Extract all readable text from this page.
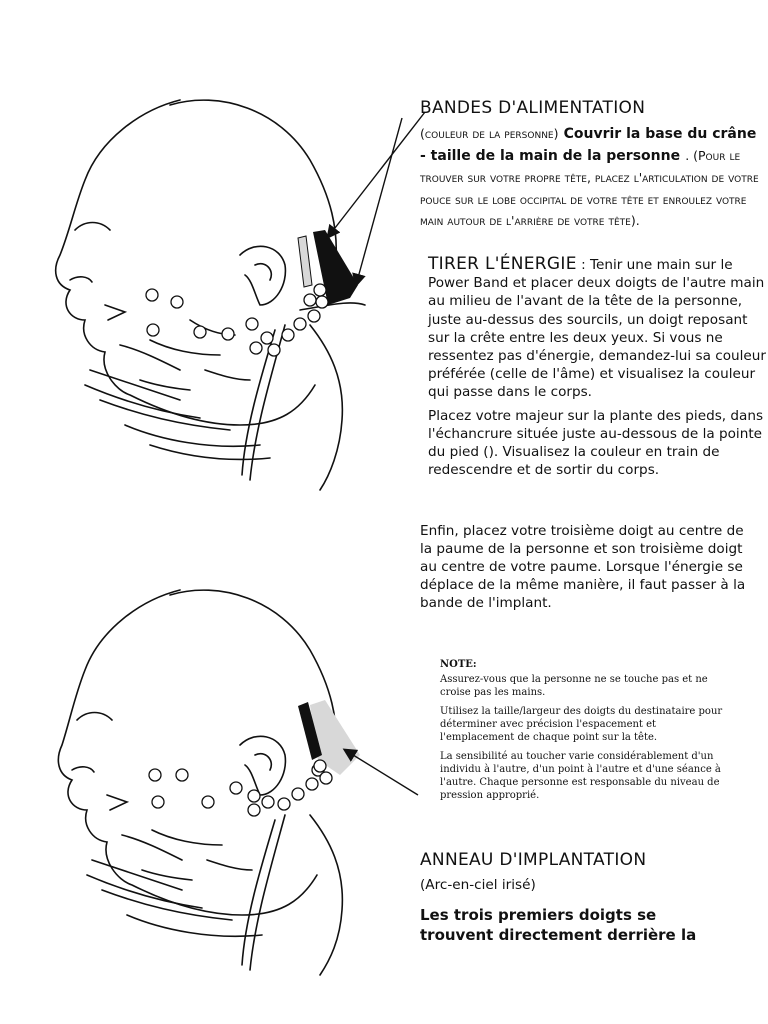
BANDES D'ALIMENTATION
(couleur de la personne) Couvrir la base du crâne - taille de la main de la personne . (Pour le trouver sur votre propre tête, placez l'articulation de votre pouce sur le lobe occipital de votre tête et enroulez votre main autour de l'arrière de votre tête).
TIRER L'ÉNERGIE : Tenir une main sur le Power Band et placer deux doigts de l'autre main au milieu de l'avant de la tête de la personne, juste au-dessus des sourcils, un doigt reposant sur la crête entre les deux yeux. Si vous ne ressentez pas d'énergie, demandez-lui sa couleur préférée (celle de l'âme) et visualisez la couleur qui passe dans le corps.
Placez votre majeur sur la plante des pieds, dans l'échancrure située juste au-dessous de la pointe du pied (). Visualisez la couleur en train de redescendre et de sortir du corps.
Enfin, placez votre troisième doigt au centre de la paume de la personne et son troisième doigt au centre de votre paume. Lorsque l'énergie se déplace de la même manière, il faut passer à la bande de l'implant.

NOTE:

Assurez-vous que la personne ne se touche pas et ne croise pas les mains.

Utilisez la taille/largeur des doigts du destinataire pour déterminer avec précision l'espacement et l'emplacement de chaque point sur la tête.

La sensibilité au toucher varie considérablement d'un individu à l'autre, d'un point à l'autre et d'une séance à l'autre. Chaque personne est responsable du niveau de pression approprié.

ANNEAU D'IMPLANTATION
(Arc-en-ciel irisé)
Les trois premiers doigts se trouvent directement derrière la
